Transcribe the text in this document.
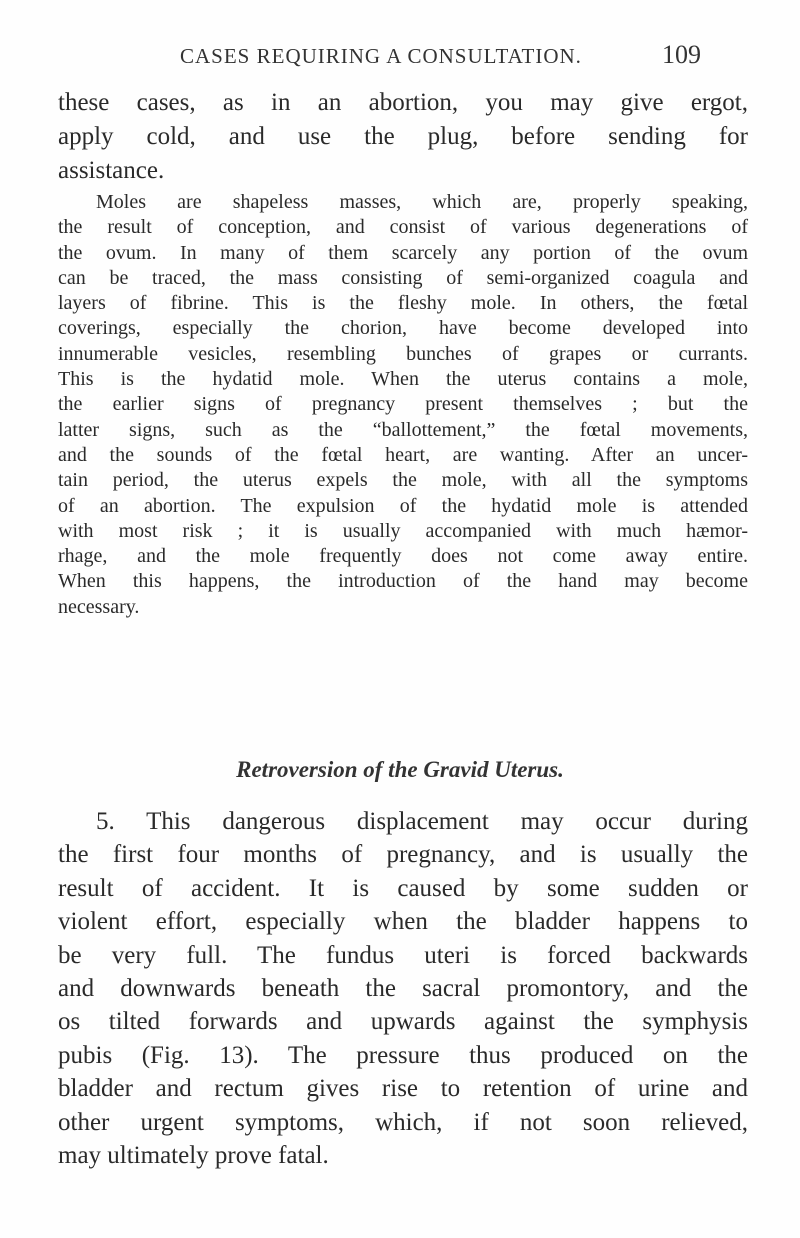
CASES REQUIRING A CONSULTATION.	109
these cases, as in an abortion, you may give ergot,
apply cold, and use the plug, before sending for
assistance.
Moles are shapeless masses, which are, properly speaking,
the result of conception, and consist of various degenerations of
the ovum. In many of them scarcely any portion of the ovum
can be traced, the mass consisting of semi-organized coagula and
layers of fibrine. This is the fleshy mole. In others, the fœtal
coverings, especially the chorion, have become developed into
innumerable vesicles, resembling bunches of grapes or currants.
This is the hydatid mole. When the uterus contains a mole,
the earlier signs of pregnancy present themselves ; but the
latter signs, such as the “ballottement,” the fœtal movements,
and the sounds of the fœtal heart, are wanting. After an uncer-
tain period, the uterus expels the mole, with all the symptoms
of an abortion. The expulsion of the hydatid mole is attended
with most risk ; it is usually accompanied with much hæmor-
rhage, and the mole frequently does not come away entire.
When this happens, the introduction of the hand may become
necessary.
Retroversion of the Gravid Uterus.
5. This dangerous displacement may occur during
the first four months of pregnancy, and is usually the
result of accident. It is caused by some sudden or
violent effort, especially when the bladder happens to
be very full. The fundus uteri is forced backwards
and downwards beneath the sacral promontory, and the
os tilted forwards and upwards against the symphysis
pubis (Fig. 13). The pressure thus produced on the
bladder and rectum gives rise to retention of urine and
other urgent symptoms, which, if not soon relieved,
may ultimately prove fatal.
